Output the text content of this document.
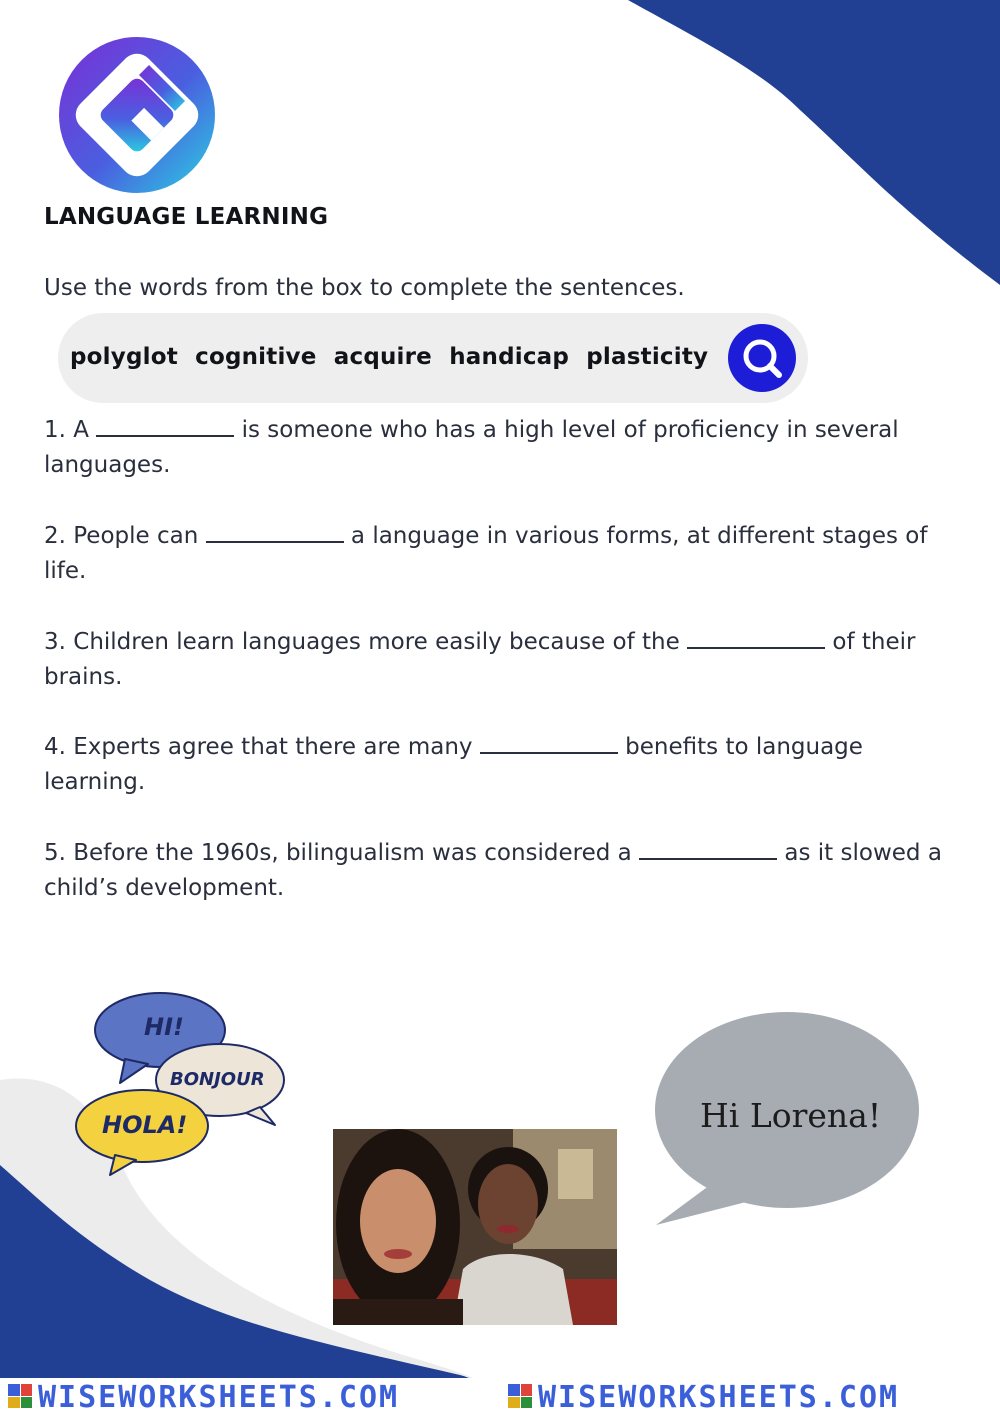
LANGUAGE LEARNING
Use the words from the box to complete the sentences.
polyglot cognitive acquire handicap plasticity
1. A	is someone who has a high level of proficiency in several languages.
2. People can	a language in various forms, at different stages of life.
3. Children learn languages more easily because of the	of their brains.
4. Experts agree that there are many	benefits to language learning.
5. Before the 1960s, bilingualism was considered a	as it slowed a child’s development.
HI!
BONJOUR
HOLA!	Hi Lorena!
WISEWORKSHEETS.COM	WISEWORKSHEETS.COM
